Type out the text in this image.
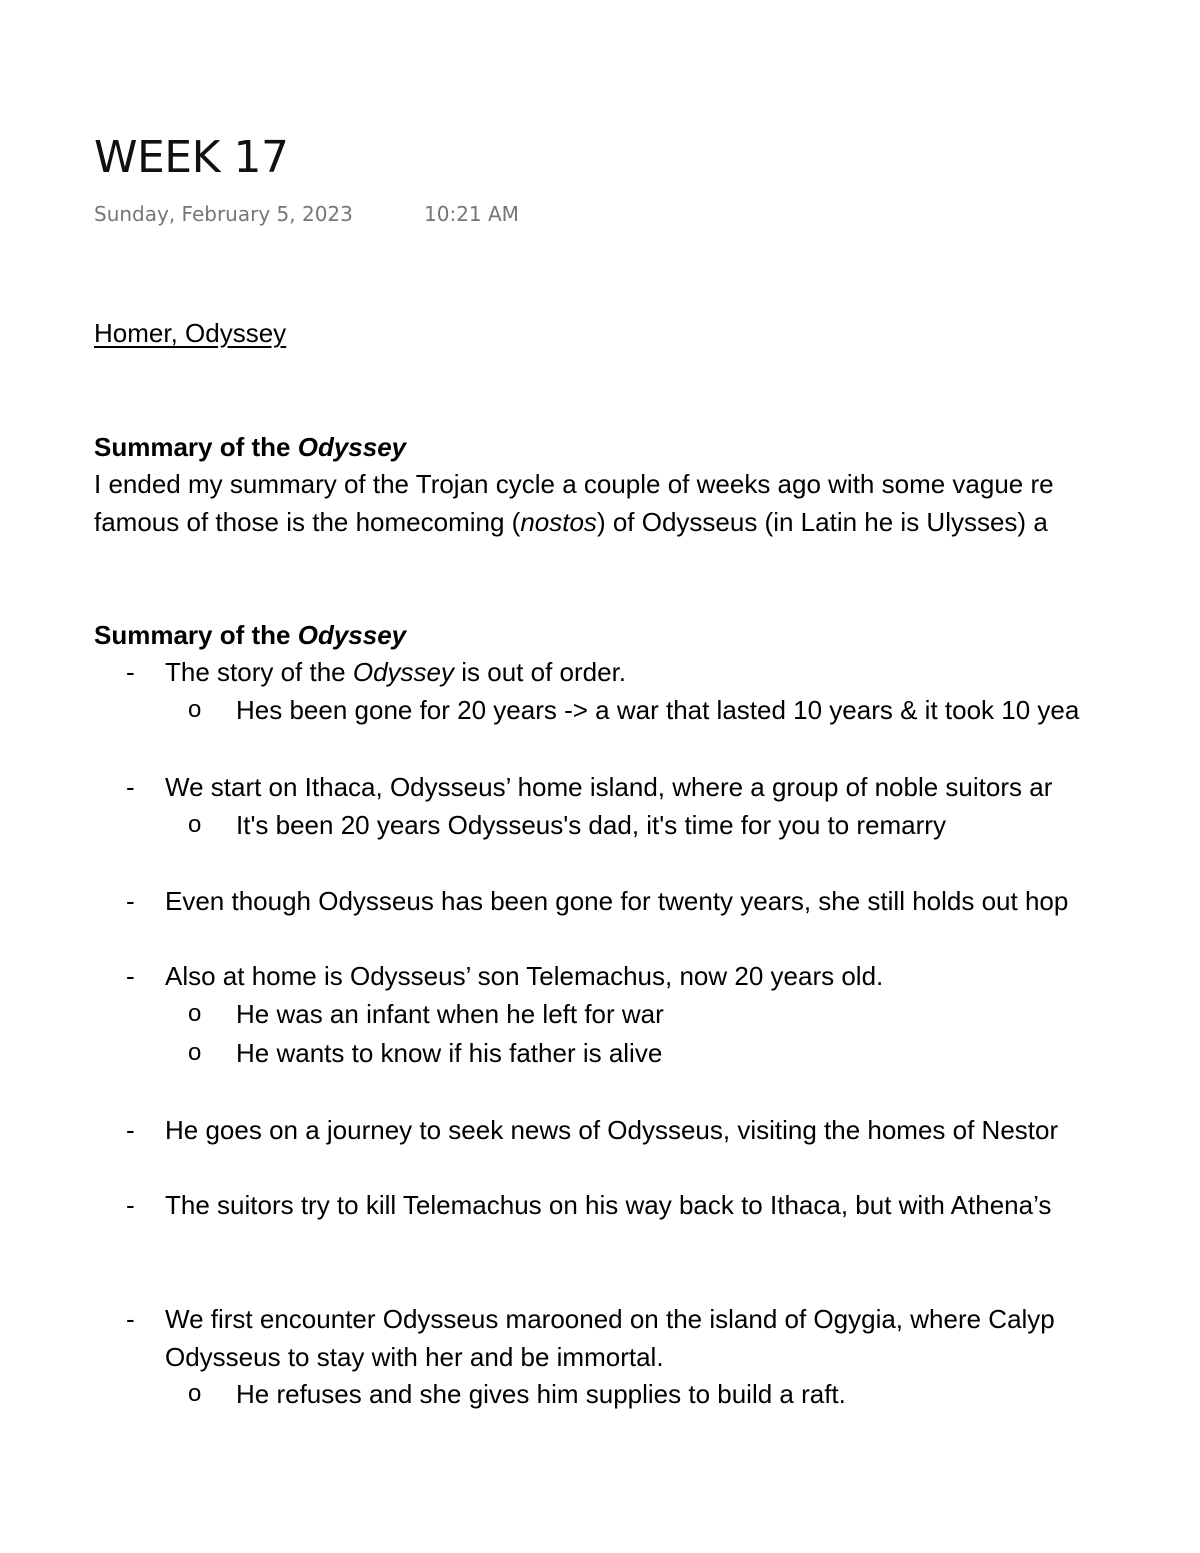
WEEK 17
Sunday, February 5, 2023	10:21 AM
Homer, Odyssey
Summary of the Odyssey
I ended my summary of the Trojan cycle a couple of weeks ago with some vague re
famous of those is the homecoming (nostos) of Odysseus (in Latin he is Ulysses) a
Summary of the Odyssey
- The story of the Odyssey is out of order.
o Hes been gone for 20 years -> a war that lasted 10 years & it took 10 yea
- We start on Ithaca, Odysseus’ home island, where a group of noble suitors ar
o It's been 20 years Odysseus's dad, it's time for you to remarry
- Even though Odysseus has been gone for twenty years, she still holds out hop
- Also at home is Odysseus’ son Telemachus, now 20 years old.
o He was an infant when he left for war
o He wants to know if his father is alive
- He goes on a journey to seek news of Odysseus, visiting the homes of Nestor
- The suitors try to kill Telemachus on his way back to Ithaca, but with Athena’s
- We first encounter Odysseus marooned on the island of Ogygia, where Calyp
Odysseus to stay with her and be immortal.
o He refuses and she gives him supplies to build a raft.
